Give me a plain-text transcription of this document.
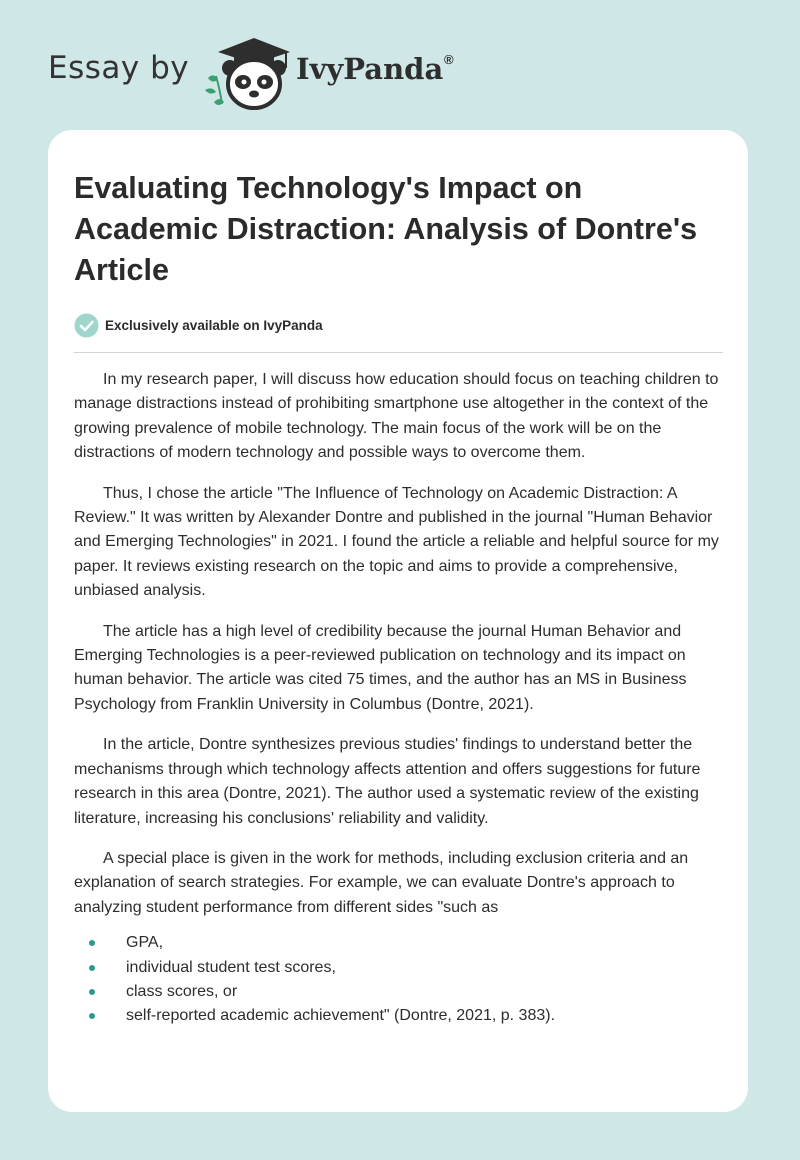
Essay by	IvyPanda ®
Evaluating Technology's Impact on Academic Distraction: Analysis of Dontre's Article
Exclusively available on IvyPanda

In my research paper, I will discuss how education should focus on teaching children to manage distractions instead of prohibiting smartphone use altogether in the context of the growing prevalence of mobile technology. The main focus of the work will be on the distractions of modern technology and possible ways to overcome them.

Thus, I chose the article "The Influence of Technology on Academic Distraction: A Review." It was written by Alexander Dontre and published in the journal "Human Behavior and Emerging Technologies" in 2021. I found the article a reliable and helpful source for my paper. It reviews existing research on the topic and aims to provide a comprehensive, unbiased analysis.

The article has a high level of credibility because the journal Human Behavior and Emerging Technologies is a peer-reviewed publication on technology and its impact on human behavior. The article was cited 75 times, and the author has an MS in Business Psychology from Franklin University in Columbus (Dontre, 2021).

In the article, Dontre synthesizes previous studies' findings to understand better the mechanisms through which technology affects attention and offers suggestions for future research in this area (Dontre, 2021). The author used a systematic review of the existing literature, increasing his conclusions' reliability and validity.

A special place is given in the work for methods, including exclusion criteria and an explanation of search strategies. For example, we can evaluate Dontre's approach to analyzing student performance from different sides "such as

GPA,
individual student test scores,
class scores, or
self-reported academic achievement" (Dontre, 2021, p. 383).
